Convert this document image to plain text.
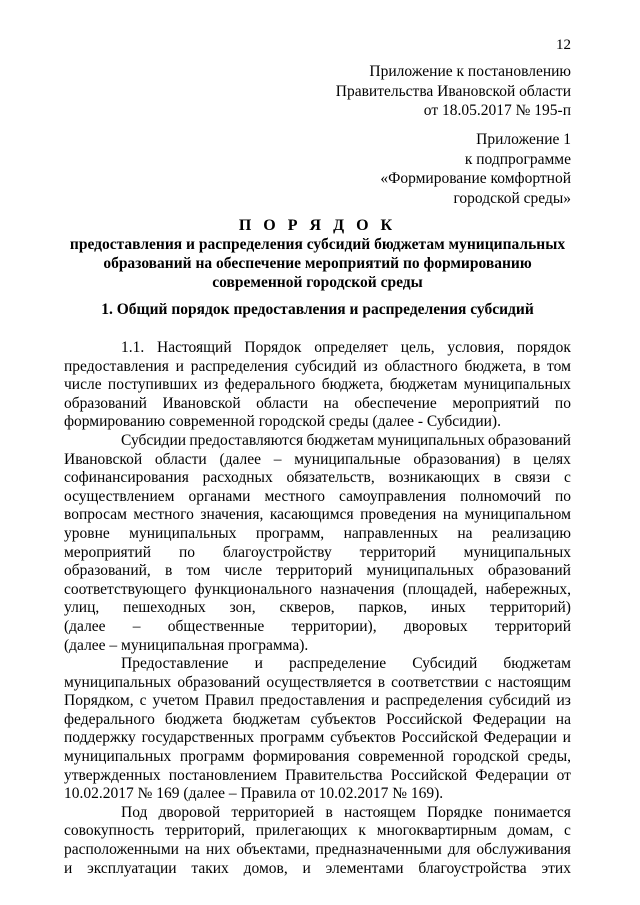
12
Приложение к постановлению
Правительства Ивановской области
от 18.05.2017 № 195-п
Приложение 1
к подпрограмме
«Формирование комфортной
городской среды»
П О Р Я Д О К
предоставления и распределения субсидий бюджетам муниципальных
образований на обеспечение мероприятий по формированию
современной городской среды
1. Общий порядок предоставления и распределения субсидий
1.1. Настоящий Порядок определяет цель, условия, порядок
предоставления и распределения субсидий из областного бюджета, в том
числе поступивших из федерального бюджета, бюджетам муниципальных
образований Ивановской области на обеспечение мероприятий по
формированию современной городской среды (далее - Субсидии).
Субсидии предоставляются бюджетам муниципальных образований
Ивановской области (далее – муниципальные образования) в целях
софинансирования расходных обязательств, возникающих в связи с
осуществлением органами местного самоуправления полномочий по
вопросам местного значения, касающимся проведения на муниципальном
уровне муниципальных программ, направленных на реализацию
мероприятий по благоустройству территорий муниципальных
образований, в том числе территорий муниципальных образований
соответствующего функционального назначения (площадей, набережных,
улиц, пешеходных зон, скверов, парков, иных территорий)
(далее – общественные территории), дворовых территорий
(далее – муниципальная программа).
Предоставление и распределение Субсидий бюджетам
муниципальных образований осуществляется в соответствии с настоящим
Порядком, с учетом Правил предоставления и распределения субсидий из
федерального бюджета бюджетам субъектов Российской Федерации на
поддержку государственных программ субъектов Российской Федерации и
муниципальных программ формирования современной городской среды,
утвержденных постановлением Правительства Российской Федерации от
10.02.2017 № 169 (далее – Правила от 10.02.2017 № 169).
Под дворовой территорией в настоящем Порядке понимается
совокупность территорий, прилегающих к многоквартирным домам, с
расположенными на них объектами, предназначенными для обслуживания
и эксплуатации таких домов, и элементами благоустройства этих
